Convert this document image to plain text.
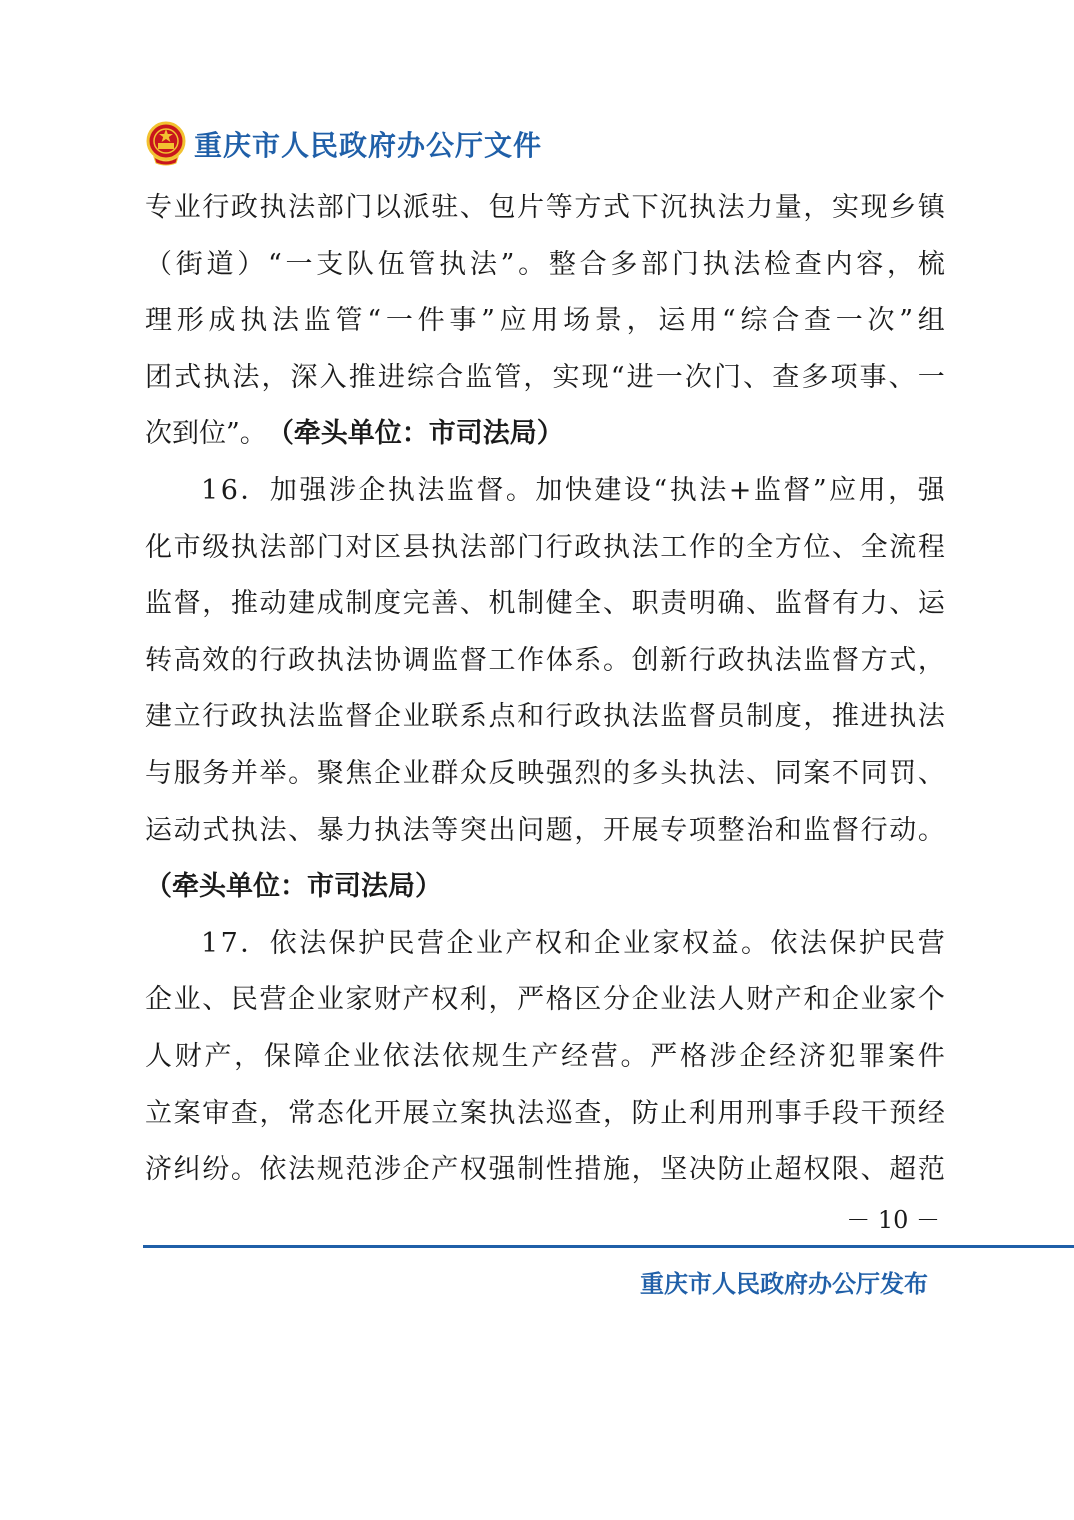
重庆市人民政府办公厅文件
专 业 行 政 执 法 部 门 以 派 驻 、 包 片 等 方 式 下 沉 执 法 力 量 ， 实 现 乡 镇
（ 街 道 ） “ 一 支 队 伍 管 执 法 ” 。 整 合 多 部 门 执 法 检 查 内 容 ， 梳
理 形 成 执 法 监 管 “ 一 件 事 ” 应 用 场 景 ， 运 用 “ 综 合 查 一 次 ” 组
团 式 执 法 ， 深 入 推 进 综 合 监 管 ， 实 现 “ 进 一 次 门 、 查 多 项 事 、 一
次到位”。 （牵头单位：市司法局）
1 6 ． 加 强 涉 企 执 法 监 督 。 加 快 建 设 “ 执 法 + 监 督 ” 应 用 ， 强
化 市 级 执 法 部 门 对 区 县 执 法 部 门 行 政 执 法 工 作 的 全 方 位 、 全 流 程
监 督 ， 推 动 建 成 制 度 完 善 、 机 制 健 全 、 职 责 明 确 、 监 督 有 力 、 运
转 高 效 的 行 政 执 法 协 调 监 督 工 作 体 系 。 创 新 行 政 执 法 监 督 方 式 ，
建 立 行 政 执 法 监 督 企 业 联 系 点 和 行 政 执 法 监 督 员 制 度 ， 推 进 执 法
与 服 务 并 举 。 聚 焦 企 业 群 众 反 映 强 烈 的 多 头 执 法 、 同 案 不 同 罚 、
运 动 式 执 法 、 暴 力 执 法 等 突 出 问 题 ， 开 展 专 项 整 治 和 监 督 行 动 。
（牵头单位：市司法局）
1 7 ． 依 法 保 护 民 营 企 业 产 权 和 企 业 家 权 益 。 依 法 保 护 民 营
企 业 、 民 营 企 业 家 财 产 权 利 ， 严 格 区 分 企 业 法 人 财 产 和 企 业 家 个
人 财 产 ， 保 障 企 业 依 法 依 规 生 产 经 营 。 严 格 涉 企 经 济 犯 罪 案 件
立 案 审 查 ， 常 态 化 开 展 立 案 执 法 巡 查 ， 防 止 利 用 刑 事 手 段 干 预 经
济 纠 纷 。 依 法 规 范 涉 企 产 权 强 制 性 措 施 ， 坚 决 防 止 超 权 限 、 超 范
－ 10 －
重庆市人民政府办公厅发布
